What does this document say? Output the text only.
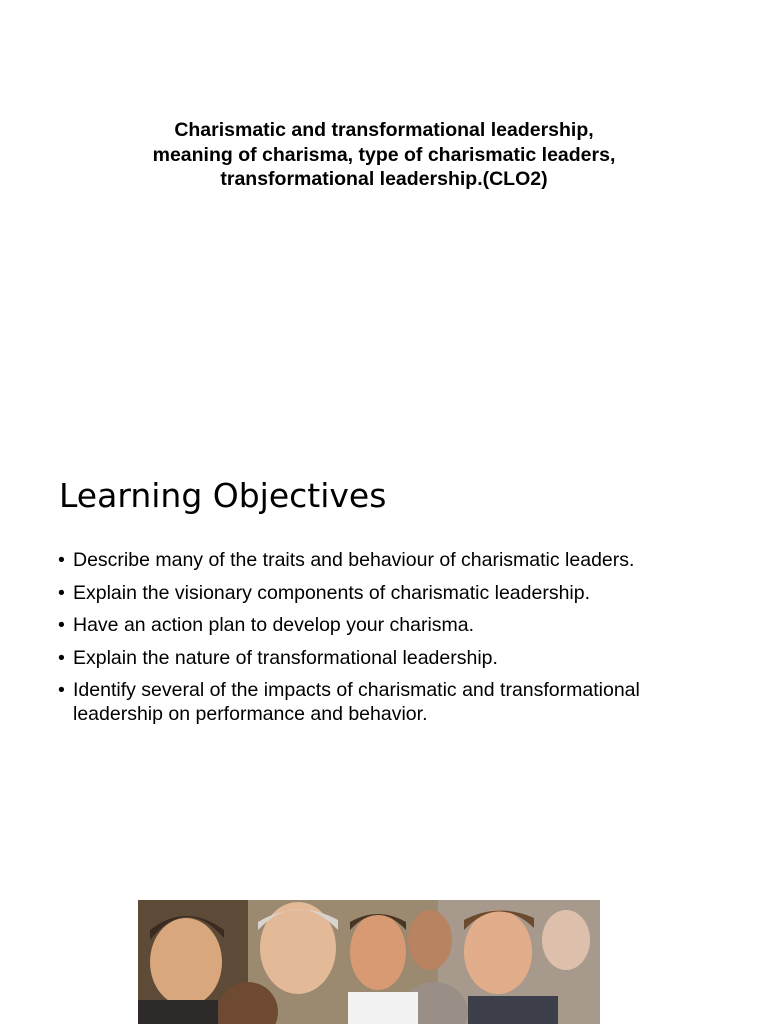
Charismatic and transformational leadership,
meaning of charisma, type of charismatic leaders,
transformational leadership.(CLO2)
Learning Objectives
• Describe many of the traits and behaviour of charismatic leaders.
• Explain the visionary components of charismatic leadership.
• Have an action plan to develop your charisma.
• Explain the nature of transformational leadership.
• Identify several of the impacts of charismatic and transformational leadership on performance and behavior.
